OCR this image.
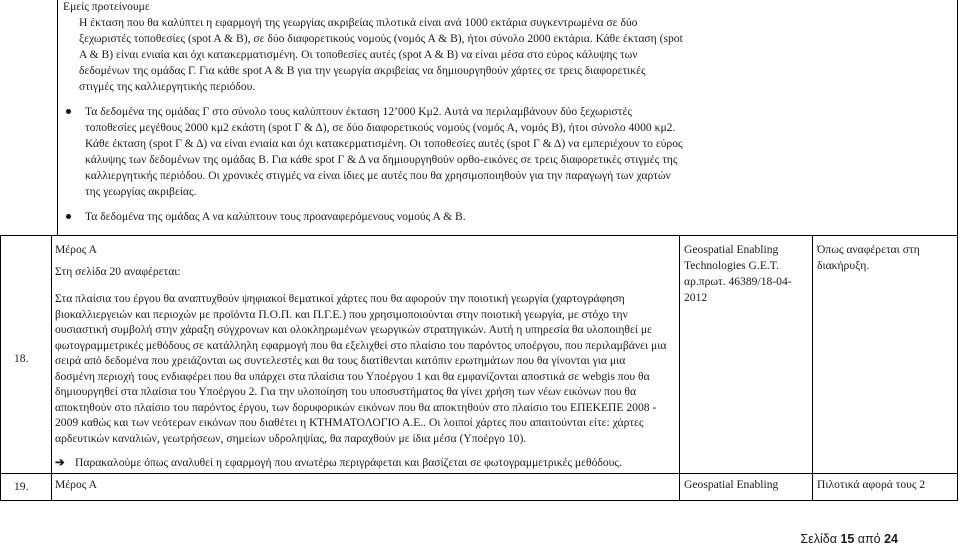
Εμείς προτείνουμε

Η έκταση που θα καλύπτει η εφαρμογή της γεωργίας ακριβείας πιλοτικά είναι ανά 1000 εκτάρια συγκεντρωμένα σε δύο ξεχωριστές τοποθεσίες (spot A & B), σε δύο διαφορετικούς νομούς (νομός Α & Β), ήτοι σύνολο 2000 εκτάρια. Κάθε έκταση (spot A & B) είναι ενιαία και όχι κατακερματισμένη. Οι τοποθεσίες αυτές (spot A & B) να είναι μέσα στο εύρος κάλυψης των δεδομένων της ομάδας Γ. Για κάθε spot A & B για την γεωργία ακριβείας να δημιουργηθούν χάρτες σε τρεις διαφορετικές στιγμές της καλλιεργητικής περιόδου.

Τα δεδομένα της ομάδας Γ στο σύνολο τους καλύπτουν έκταση 12’000 Κμ2. Αυτά να περιλαμβάνουν δύο ξεχωριστές τοποθεσίες μεγέθους 2000 κμ2 εκάστη (spot Γ & Δ), σε δύο διαφορετικούς νομούς (νομός Α, νομός Β), ήτοι σύνολο 4000 κμ2. Κάθε έκταση (spot Γ & Δ) να είναι ενιαία και όχι κατακερματισμένη. Οι τοποθεσίες αυτές (spot Γ & Δ) να εμπεριέχουν το εύρος κάλυψης των δεδομένων της ομάδας Β. Για κάθε spot Γ & Δ να δημιουργηθούν ορθο-εικόνες σε τρεις διαφορετικές στιγμές της καλλιεργητικής περιόδου. Οι χρονικές στιγμές να είναι ίδιες με αυτές που θα χρησιμοποιηθούν για την παραγωγή των χαρτών της γεωργίας ακριβείας.
Τα δεδομένα της ομάδας Α να καλύπτουν τους προαναφερόμενους νομούς Α & Β.
18.

Μέρος Α

Στη σελίδα 20 αναφέρεται:

Στα πλαίσια του έργου θα αναπτυχθούν ψηφιακοί θεματικοί χάρτες που θα αφορούν την ποιοτική γεωργία (χαρτογράφηση βιοκαλλιεργειών και περιοχών με προϊόντα Π.Ο.Π. και Π.Γ.Ε.) που χρησιμοποιούνται στην ποιοτική γεωργία, με στόχο την ουσιαστική συμβολή στην χάραξη σύγχρονων και ολοκληρωμένων γεωργικών στρατηγικών. Αυτή η υπηρεσία θα υλοποιηθεί με φωτογραμμετρικές μεθόδους σε κατάλληλη εφαρμογή που θα εξελιχθεί στο πλαίσιο του παρόντος υποέργου, που περιλαμβάνει μια σειρά από δεδομένα που χρειάζονται ως συντελεστές και θα τους διατίθενται κατόπιν ερωτημάτων που θα γίνονται για μια δοσμένη περιοχή τους ενδιαφέρει που θα υπάρχει στα πλαίσια του Υποέργου 1 και θα εμφανίζονται αποστικά σε webgis που θα δημιουργηθεί στα πλαίσια του Υποέργου 2. Για την υλοποίηση του υποσυστήματος θα γίνει χρήση των νέων εικόνων που θα αποκτηθούν στο πλαίσιο του παρόντος έργου, των δορυφορικών εικόνων που θα αποκτηθούν στο πλαίσιο του ΕΠΕΚΕΠΕ 2008 - 2009 καθώς και των νεότερων εικόνων που διαθέτει η ΚΤΗΜΑΤΟΛΟΓΙΟ Α.Ε.. Οι λοιποί χάρτες που απαιτούνται είτε: χάρτες αρδευτικών καναλιών, γεωτρήσεων, σημείων υδροληψίας, θα παραχθούν με ίδια μέσα (Υποέργο 10).

➔ Παρακαλούμε όπως αναλυθεί η εφαρμογή που ανωτέρω περιγράφεται και βασίζεται σε φωτογραμμετρικές μεθόδους.

Geospatial Enabling Technologies G.E.T. αρ.πρωτ. 46389/18-04-2012
Όπως αναφέρεται στη διακήρυξη.
19. Μέρος Α	Geospatial Enabling	Πιλοτικά αφορά τους 2
Σελίδα 15 από 24
